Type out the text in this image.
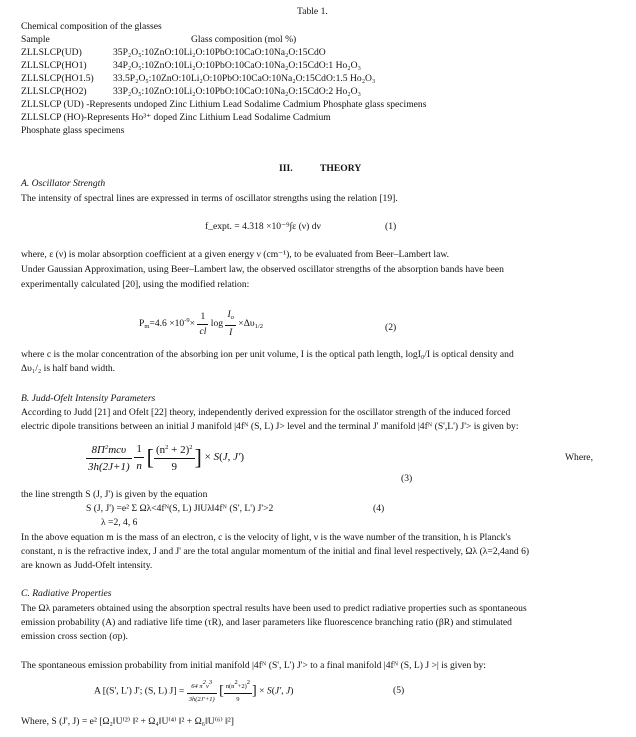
Table 1.
Chemical composition of the glasses
Sample	Glass composition (mol %)
ZLLSLCP(UD)	35P₂O₅:10ZnO:10Li₂O:10PbO:10CaO:10Na₂O:15CdO
ZLLSLCP(HO1)	34P₂O₅:10ZnO:10Li₂O:10PbO:10CaO:10Na₂O:15CdO:1 Ho₂O₃
ZLLSLCP(HO1.5) 33.5P₂O₅:10ZnO:10Li₂O:10PbO:10CaO:10Na₂O:15CdO:1.5 Ho₂O₃
ZLLSLCP(HO2)	33P₂O₅:10ZnO:10Li₂O:10PbO:10CaO:10Na₂O:15CdO:2 Ho₂O₃
ZLLSLCP (UD) -Represents undoped Zinc Lithium Lead Sodalime Cadmium Phosphate glass specimens
ZLLSLCP (HO)-Represents Ho³⁺ doped Zinc Lithium Lead Sodalime Cadmium
Phosphate glass specimens
III.	THEORY
A. Oscillator Strength
The intensity of spectral lines are expressed in terms of oscillator strengths using the relation [19].
f_expt. = 4.318 ×10⁻⁹∫ε (ν) dν	(1)
where, ε (ν) is molar absorption coefficient at a given energy ν (cm⁻¹), to be evaluated from Beer–Lambert law.
Under Gaussian Approximation, using Beer–Lambert law, the observed oscillator strengths of the absorption bands have been
experimentally calculated [20], using the modified relation:
$P_m=4.6 \times 10^{-9}\times \frac{1}{cl}$ $\log \frac{I_o}{I} \times\Delta\upsilon_{1/2}$	(2)
where c is the molar concentration of the absorbing ion per unit volume, I is the optical path length, logI₀/I is optical density and
Δυ₁/₂ is half band width.
B. Judd-Ofelt Intensity Parameters
According to Judd [21] and Ofelt [22] theory, independently derived expression for the oscillator strength of the induced forced
electric dipole transitions between an initial J manifold |4fᴺ (S, L) J> level and the terminal J' manifold |4fᴺ (S',L') J'> is given by:
$\frac{8\Pi^2mc\upsilon}{3h(2J+1)}$
$\frac{1}{n}$ [ $\frac{(n^2 + 2)^2}{9}$ ] × S(J, J')	Where,
(3)
the line strength S (J, J') is given by the equation
S (J, J') =e² Σ Ωλ<4fᴺ(S, L) J‖Uλ‖4fᴺ (S', L') J'>2	(4)
λ =2, 4, 6
In the above equation m is the mass of an electron, c is the velocity of light, ν is the wave number of the transition, h is Planck's
constant, n is the refractive index, J and J' are the total angular momentum of the initial and final level respectively, Ωλ (λ=2,4and 6)
are known as Judd-Ofelt intensity.
C. Radiative Properties
The Ωλ parameters obtained using the absorption spectral results have been used to predict radiative properties such as spontaneous
emission probability (A) and radiative life time (τR), and laser parameters like fluorescence branching ratio (βR) and stimulated
emission cross section (σp).
The spontaneous emission probability from initial manifold |4fᴺ (S', L') J'> to a final manifold |4fᴺ (S, L) J >| is given by:
A [(S', L') J'; (S, L) $J] = \frac{64 \pi 2\nu 3}{3h(2J'+1)}$ [ $\frac{n(n2+2)2}{9}$ ] × S(J', J)	(5)
Where, S (J', J) = e² [Ω₂‖U⁽²⁾ ‖² + Ω₄‖U⁽⁴⁾ ‖² + Ω₆‖U⁽⁶⁾ ‖²]
